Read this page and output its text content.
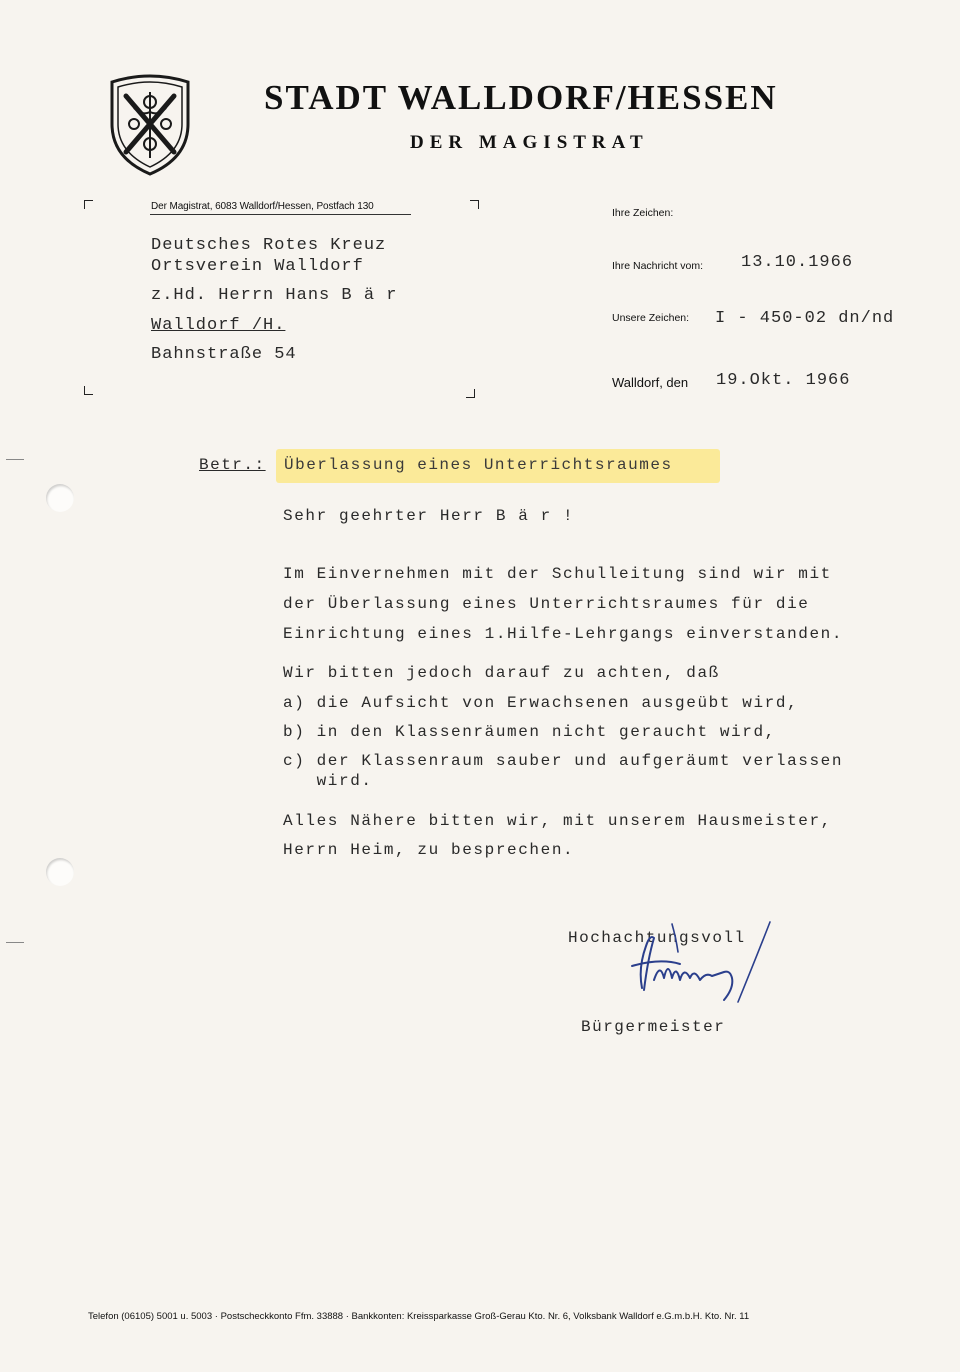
STADT WALLDORF/HESSEN
DER MAGISTRAT
Der Magistrat, 6083 Walldorf/Hessen, Postfach 130
Deutsches Rotes Kreuz
Ortsverein Walldorf
z.Hd. Herrn Hans B ä r
Walldorf /H.
Bahnstraße 54
Ihre Zeichen:
Ihre Nachricht vom: 13.10.1966
Unsere Zeichen: I - 450-02 dn/nd
Walldorf, den 19.Okt. 1966
Betr.: Überlassung eines Unterrichtsraumes
Sehr geehrter Herr B ä r !
Im Einvernehmen mit der Schulleitung sind wir mit
der Überlassung eines Unterrichtsraumes für die
Einrichtung eines 1.Hilfe-Lehrgangs einverstanden.
Wir bitten jedoch darauf zu achten, daß
a) die Aufsicht von Erwachsenen ausgeübt wird,
b) in den Klassenräumen nicht geraucht wird,
c) der Klassenraum sauber und aufgeräumt verlassen
wird.
Alles Nähere bitten wir, mit unserem Hausmeister,
Herrn Heim, zu besprechen.
Hochachtungsvoll
Bürgermeister
Telefon (06105) 5001 u. 5003 · Postscheckkonto Ffm. 33888 · Bankkonten: Kreissparkasse Groß-Gerau Kto. Nr. 6, Volksbank Walldorf e.G.m.b.H. Kto. Nr. 11
